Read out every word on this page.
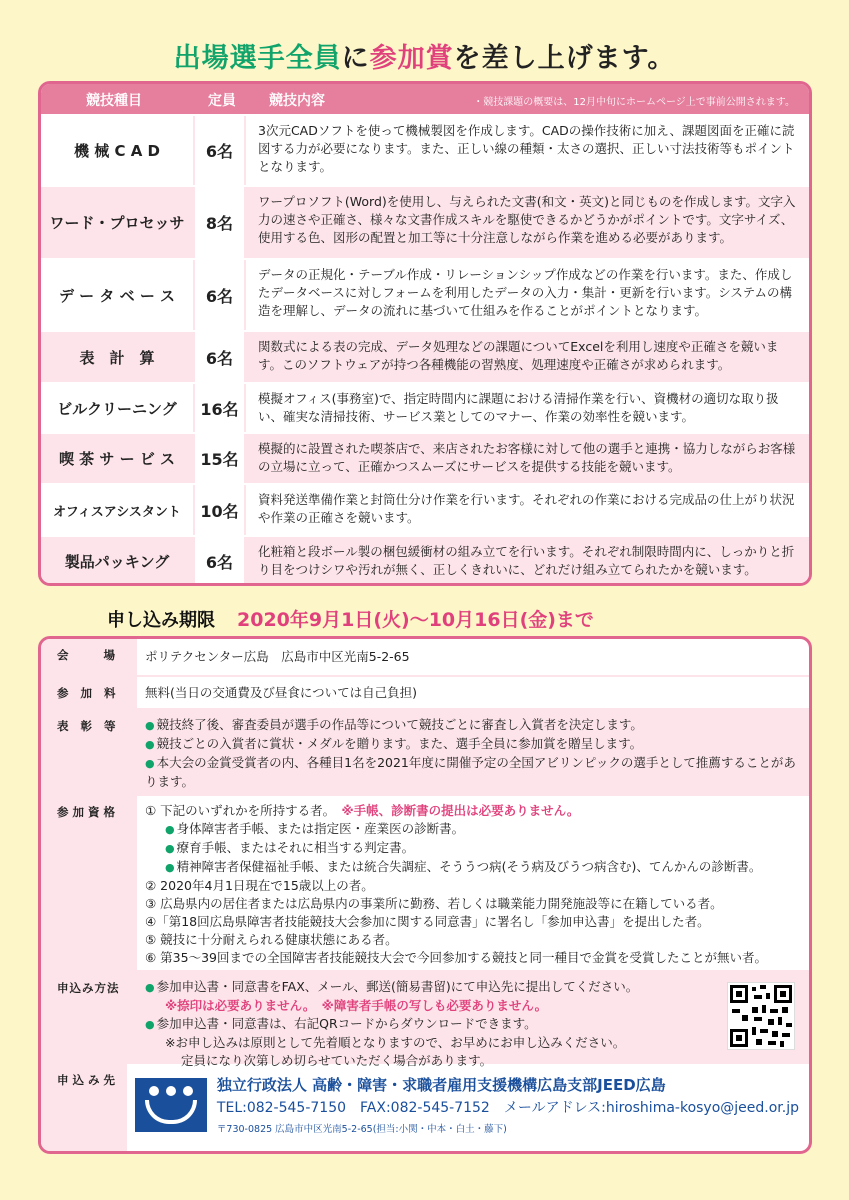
出場選手全員に参加賞を差し上げます。
競技種目	定員 競技内容	・競技課題の概要は、12月中旬にホームページ上で事前公開されます。
機 械 C A D	6名
3次元CADソフトを使って機械製図を作成します。CADの操作技術に加え、課題図面を正確に読図する力が必要になります。また、正しい線の種類・太さの選択、正しい寸法技術等もポイントとなります。
ワード・プロセッサ	8名
ワープロソフト(Word)を使用し、与えられた文書(和文・英文)と同じものを作成します。文字入力の速さや正確さ、様々な文書作成スキルを駆使できるかどうかがポイントです。文字サイズ、使用する色、図形の配置と加工等に十分注意しながら作業を進める必要があります。
デ ー タ ベ ー ス	6名
データの正規化・テーブル作成・リレーションシップ作成などの作業を行います。また、作成したデータベースに対しフォームを利用したデータの入力・集計・更新を行います。システムの構造を理解し、データの流れに基づいて仕組みを作ることがポイントとなります。
表　計　算	6名
関数式による表の完成、データ処理などの課題についてExcelを利用し速度や正確さを競います。このソフトウェアが持つ各種機能の習熟度、処理速度や正確さが求められます。
ビルクリーニング	16名
模擬オフィス(事務室)で、指定時間内に課題における清掃作業を行い、資機材の適切な取り扱い、確実な清掃技術、サービス業としてのマナー、作業の効率性を競います。
喫 茶 サ ー ビ ス	15名
模擬的に設置された喫茶店で、来店されたお客様に対して他の選手と連携・協力しながらお客様の立場に立って、正確かつスムーズにサービスを提供する技能を競います。
オフィスアシスタント	10名
資料発送準備作業と封筒仕分け作業を行います。それぞれの作業における完成品の仕上がり状況や作業の正確さを競います。
製品パッキング	6名
化粧箱と段ボール製の梱包緩衝材の組み立てを行います。それぞれ制限時間内に、しっかりと折り目をつけシワや汚れが無く、正しくきれいに、どれだけ組み立てられたかを競います。
申し込み期限 2020年9月1日(火)～10月16日(金)まで
会　　場	ポリテクセンター広島　広島市中区光南5-2-65
参 加 料	無料(当日の交通費及び昼食については自己負担)
表 彰 等	● 競技終了後、審査委員が選手の作品等について競技ごとに審査し入賞者を決定します。
● 競技ごとの入賞者に賞状・メダルを贈ります。また、選手全員に参加賞を贈呈します。
● 本大会の金賞受賞者の内、各種目1名を2021年度に開催予定の全国アビリンピックの選手として推薦することがあります。
参加資格	① 下記のいずれかを所持する者。　 ※手帳、診断書の提出は必要ありません。
● 身体障害者手帳、または指定医・産業医の診断書。
● 療育手帳、またはそれに相当する判定書。
● 精神障害者保健福祉手帳、または統合失調症、そううつ病(そう病及びうつ病含む)、てんかんの診断書。
② 2020年4月1日現在で15歳以上の者。
③ 広島県内の居住者または広島県内の事業所に勤務、若しくは職業能力開発施設等に在籍している者。
④「第18回広島県障害者技能競技大会参加に関する同意書」に署名し「参加申込書」を提出した者。
⑤ 競技に十分耐えられる健康状態にある者。
⑥ 第35～39回までの全国障害者技能競技大会で今回参加する競技と同一種目で金賞を受賞したことが無い者。
申込み方法	● 参加申込書・同意書をFAX、メール、郵送(簡易書留)にて申込先に提出してください。
※捺印は必要ありません。　 ※障害者手帳の写しも必要ありません。
● 参加申込書・同意書は、右記QRコードからダウンロードできます。
※お申し込みは原則として先着順となりますので、お早めにお申し込みください。
定員になり次第しめ切らせていただく場合があります。
申込み先	独立行政法人 高齢・障害・求職者雇用支援機構広島支部JEED広島
TEL:082-545-7150　 FAX:082-545-7152　 メールアドレス:hiroshima-kosyo@jeed.or.jp
〒730-0825 広島市中区光南5-2-65(担当:小関・中本・白土・藤下)
